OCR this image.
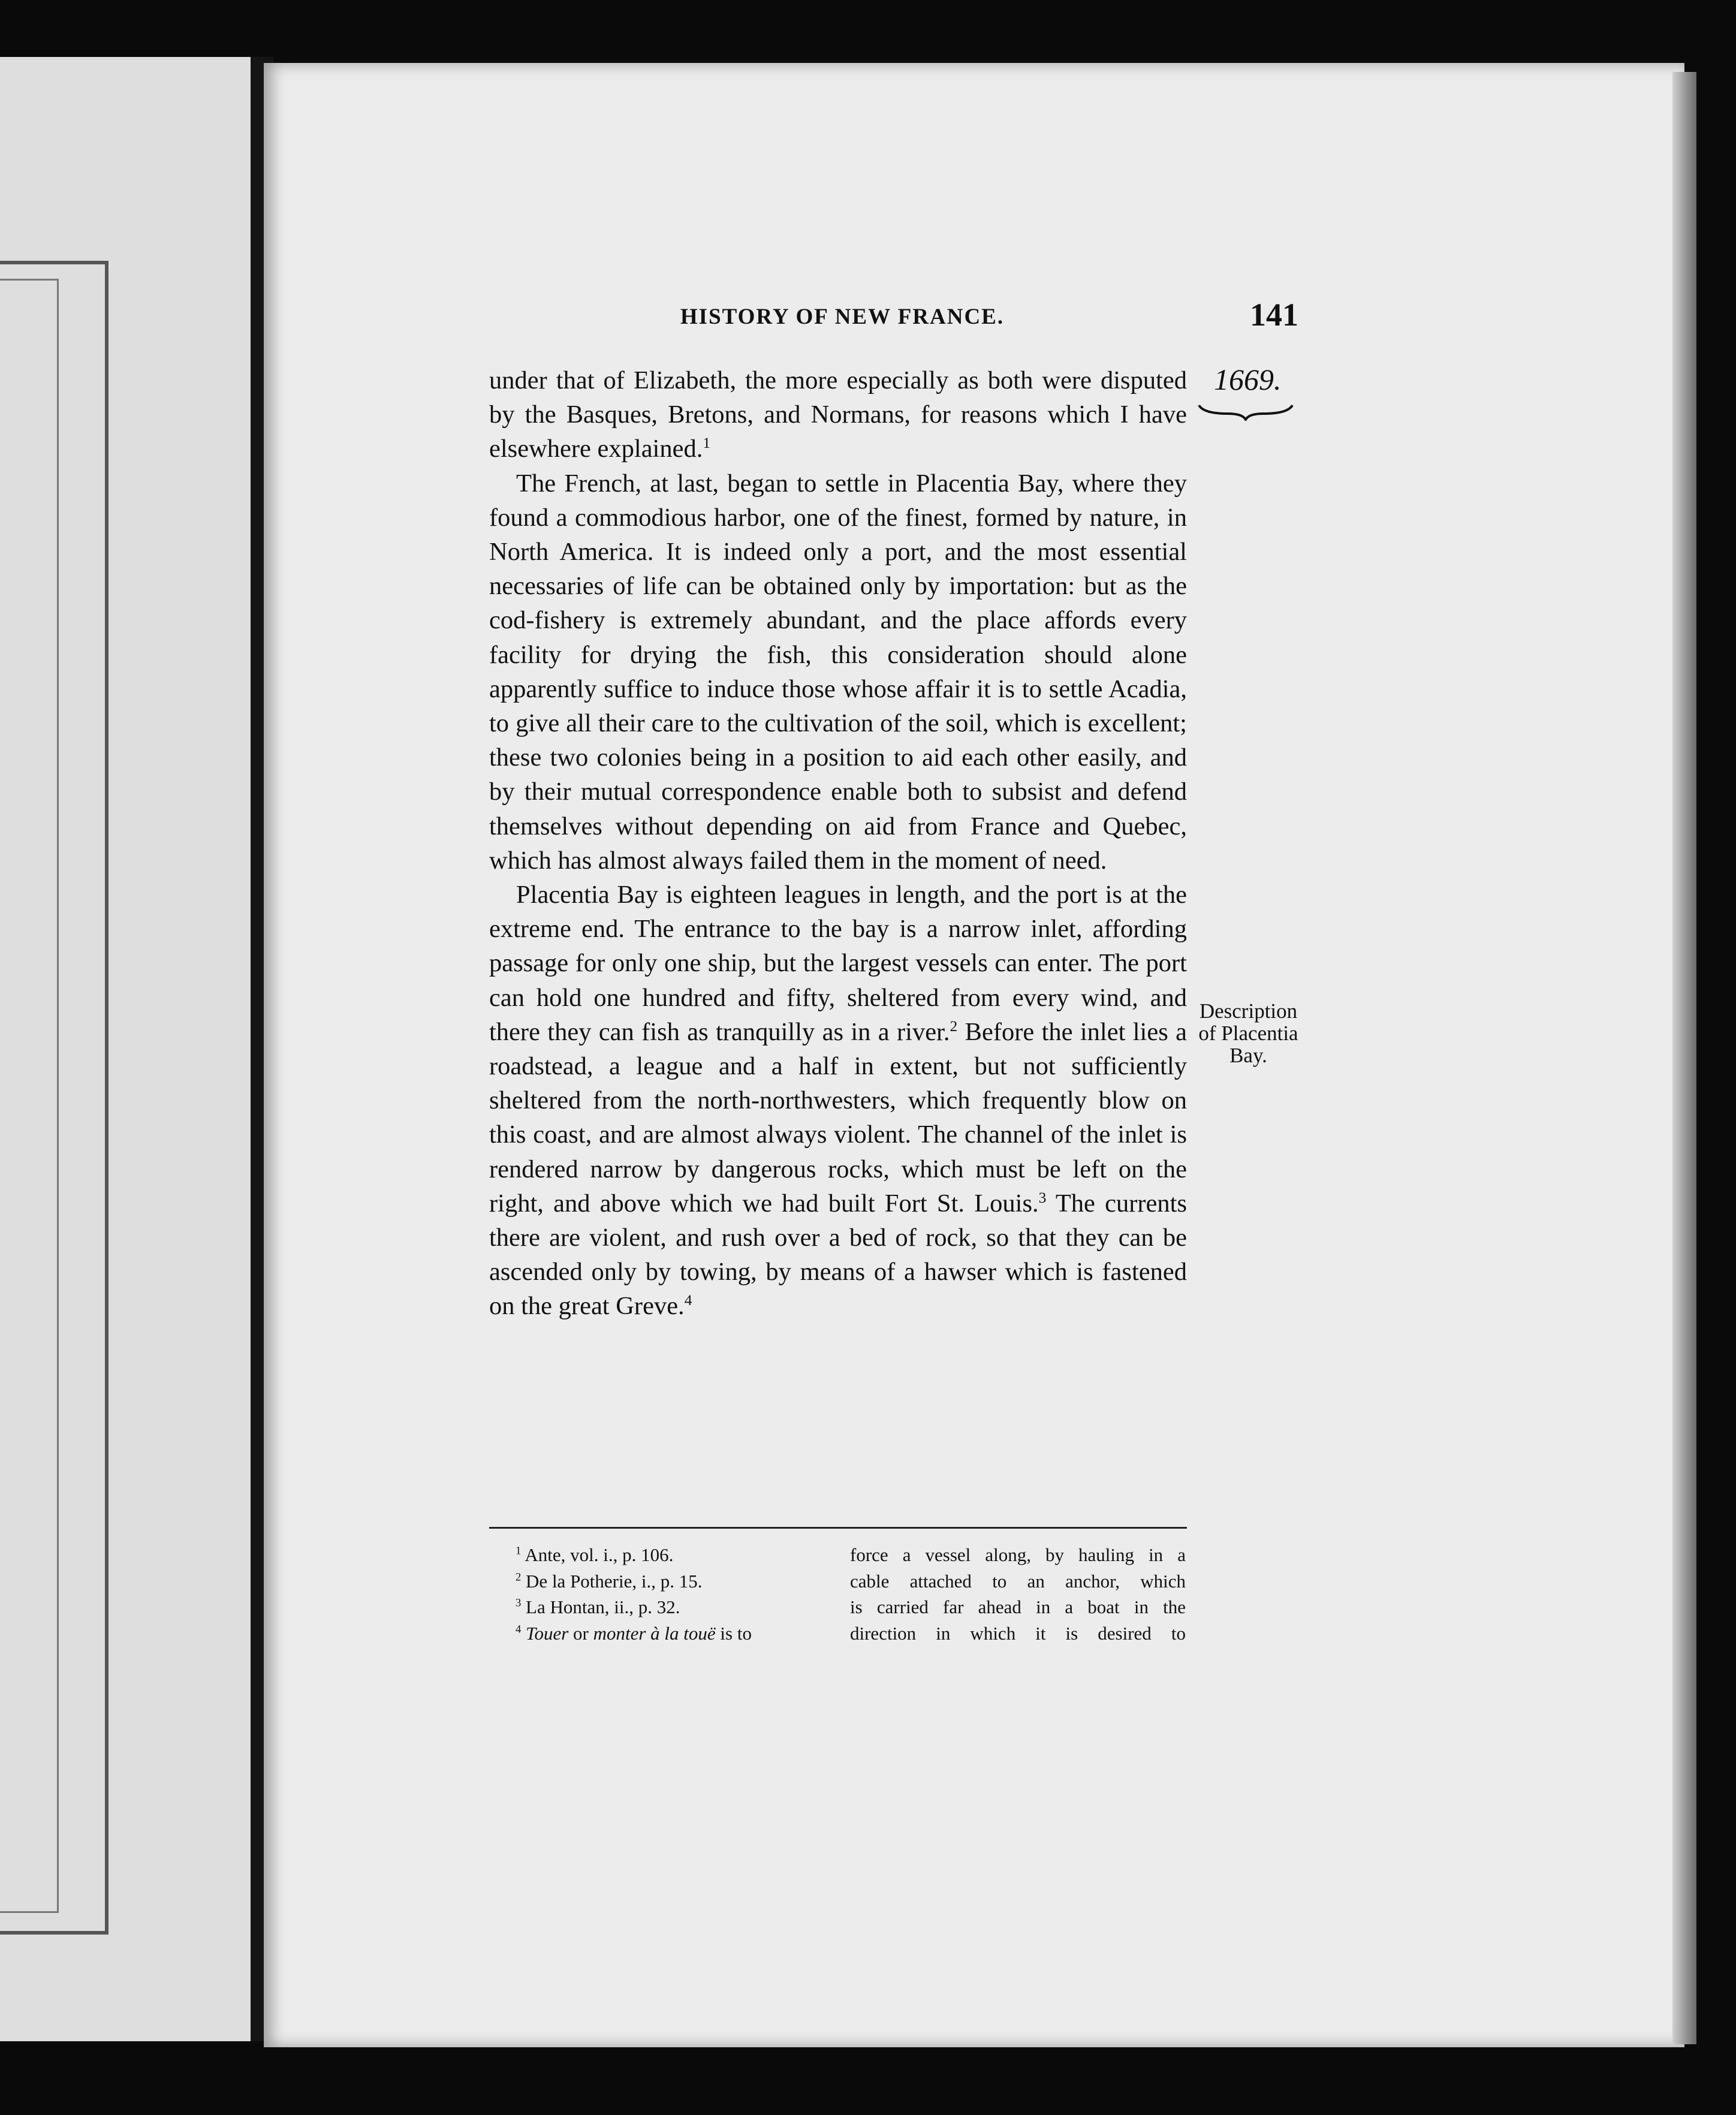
HISTORY OF NEW FRANCE.	141
1669.
Description
of Placentia
Bay.

under that of Elizabeth, the more especially as both were disputed by the Basques, Bretons, and Normans, for reasons which I have elsewhere explained.$^1$

The French, at last, began to settle in Placentia Bay, where they found a commodious harbor, one of the finest, formed by nature, in North America. It is indeed only a port, and the most essential necessaries of life can be obtained only by importation: but as the cod-fishery is extremely abundant, and the place affords every facility for drying the fish, this consideration should alone apparently suffice to induce those whose affair it is to settle Acadia, to give all their care to the cultivation of the soil, which is excellent; these two colonies being in a position to aid each other easily, and by their mutual correspondence enable both to subsist and defend themselves without depending on aid from France and Quebec, which has almost always failed them in the moment of need.

Placentia Bay is eighteen leagues in length, and the port is at the extreme end. The entrance to the bay is a narrow inlet, affording passage for only one ship, but the largest vessels can enter. The port can hold one hundred and fifty, sheltered from every wind, and there they can fish as tranquilly as in a river.$^2$ Before the inlet lies a roadstead, a league and a half in extent, but not sufficiently sheltered from the north-northwesters, which frequently blow on this coast, and are almost always violent. The channel of the inlet is rendered narrow by dangerous rocks, which must be left on the right, and above which we had built Fort St. Louis.$^3$ The currents there are violent, and rush over a bed of rock, so that they can be ascended only by towing, by means of a hawser which is fastened on the great Greve.$^4$

$^1$ Ante, vol. i., p. 106.

$^2$ De la Potherie, i., p. 15.

$^3$ La Hontan, ii., p. 32.

$^4$ Touer or monter à la touë is to

force a vessel along, by hauling in a

cable attached to an anchor, which

is carried far ahead in a boat in the

direction in which it is desired to
